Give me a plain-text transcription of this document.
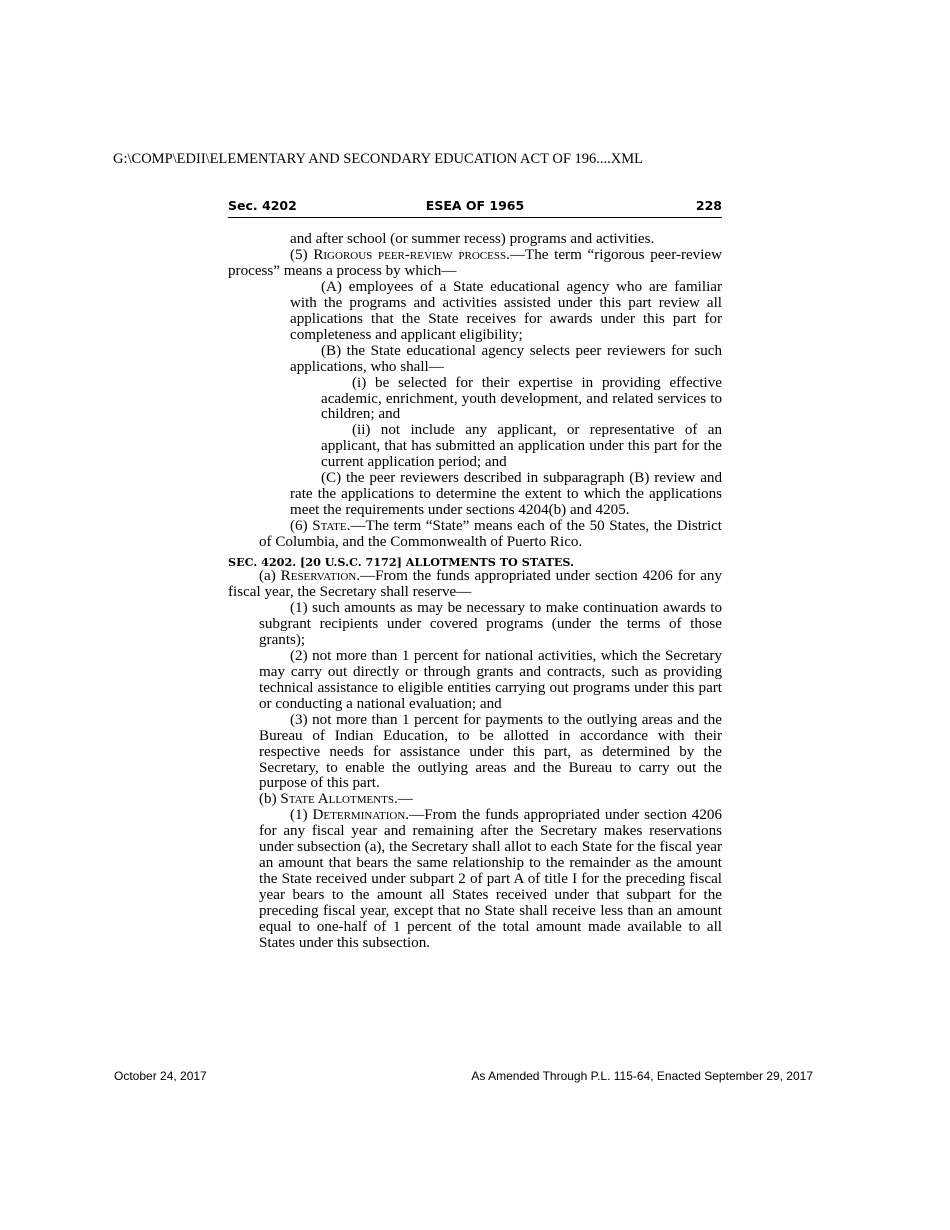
G:\COMP\EDII\ELEMENTARY AND SECONDARY EDUCATION ACT OF 196....XML
Sec. 4202	ESEA OF 1965	228

and after school (or summer recess) programs and activities.

(5) Rigorous peer-review process.—The term “rigorous peer-review process” means a process by which—

(A) employees of a State educational agency who are familiar with the programs and activities assisted under this part review all applications that the State receives for awards under this part for completeness and applicant eligibility;

(B) the State educational agency selects peer reviewers for such applications, who shall—

(i) be selected for their expertise in providing effective academic, enrichment, youth development, and related services to children; and

(ii) not include any applicant, or representative of an applicant, that has submitted an application under this part for the current application period; and

(C) the peer reviewers described in subparagraph (B) review and rate the applications to determine the extent to which the applications meet the requirements under sections 4204(b) and 4205.

(6) State.—The term “State” means each of the 50 States, the District of Columbia, and the Commonwealth of Puerto Rico.

SEC. 4202. [20 U.S.C. 7172] ALLOTMENTS TO STATES.

(a) Reservation.—From the funds appropriated under section 4206 for any fiscal year, the Secretary shall reserve—

(1) such amounts as may be necessary to make continuation awards to subgrant recipients under covered programs (under the terms of those grants);

(2) not more than 1 percent for national activities, which the Secretary may carry out directly or through grants and contracts, such as providing technical assistance to eligible entities carrying out programs under this part or conducting a national evaluation; and

(3) not more than 1 percent for payments to the outlying areas and the Bureau of Indian Education, to be allotted in accordance with their respective needs for assistance under this part, as determined by the Secretary, to enable the outlying areas and the Bureau to carry out the purpose of this part.

(b) State Allotments.—

(1) Determination.—From the funds appropriated under section 4206 for any fiscal year and remaining after the Secretary makes reservations under subsection (a), the Secretary shall allot to each State for the fiscal year an amount that bears the same relationship to the remainder as the amount the State received under subpart 2 of part A of title I for the preceding fiscal year bears to the amount all States received under that subpart for the preceding fiscal year, except that no State shall receive less than an amount equal to one-half of 1 percent of the total amount made available to all States under this subsection.

October 24, 2017	As Amended Through P.L. 115-64, Enacted September 29, 2017
